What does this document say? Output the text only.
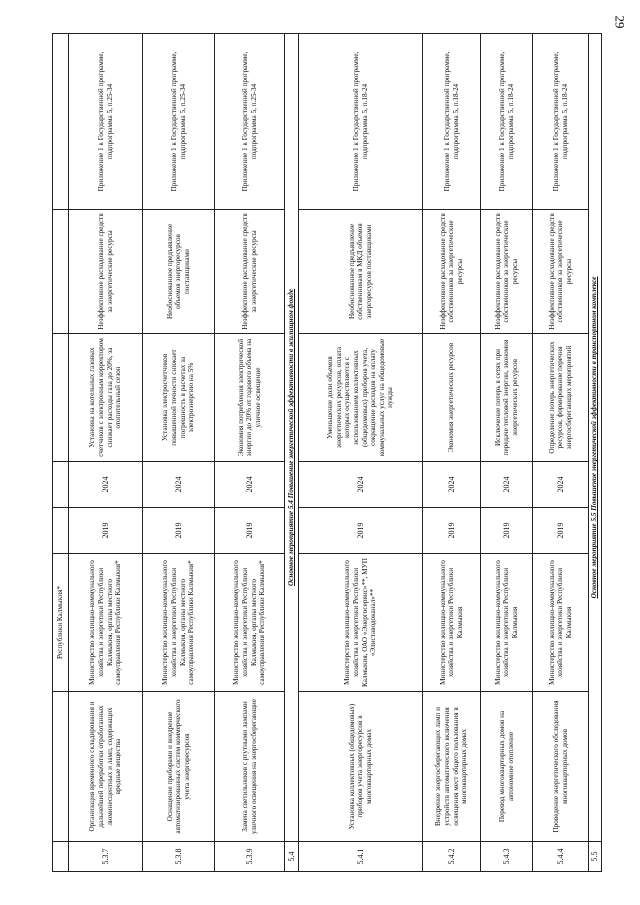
29
		Республики Калмыкия*					
5.3.7	Организация временного складирования и дальнейшей переработки отработанных люминесцентных и ламп, содержащих вредные вещества	Министерство жилищно-коммунального хозяйства и энергетики Республики Калмыкия, органы местного самоуправления Республики Калмыкия*	2019	2024	Установка на котельных газовых счетчиков с электронным корректором снижает расходы газа до 20%, за отопительный сезон	Неэффективное расходование средств за энергетические ресурсы	Приложение 1 к Государственной программе, подпрограмма 5, п.25-34
5.3.8	Оснащение приборами и внедрение автоматизированных систем коммерческого учета энергоресурсов	Министерство жилищно-коммунального хозяйства и энергетики Республики Калмыкия, органы местного самоуправления Республики Калмыкия*	2019	2024	Установка электросчетчиков повышенной точности снижает погрешность в расчетах за электроэнергию на 5%	Необоснованное предъявление объемов энергоресурсов поставщиками	Приложение 1 к Государственной программе, подпрограмма 5, п.25-34
5.3.9	Замена светильников с ртутными лампами уличного освещения на энергосберегающие	Министерство жилищно-коммунального хозяйства и энергетики Республики Калмыкия, органы местного самоуправления Республики Калмыкия*	2019	2024	Экономия потребления электрической энергии до 20% от годового объема на уличное освещение	Неэффективное расходование средств за энергетические ресурсы	Приложение 1 к Государственной программе, подпрограмма 5, п.25-34
5.4	Основное мероприятие 5.4 Повышение энергетической эффективности в жилищном фонде						
5.4.1	Установка коллективных (общедомовых) приборов учета энергоресурсов в многоквартирных домах	Министерство жилищно-коммунального хозяйства и энергетики Республики Калмыкия, ОАО «Энергосервис»**, МУП «Элиставодоканал»**	2019	2024	Уменьшение доли объемов энергетических ресурсов, оплата которых осуществляется с использованием коллективных (общедомовых) приборов учета, сокращение расходов на оплату коммунальных услуг на общедомовые нужды	Необоснованное предъявление собственникам в МКД объемов энергоресурсов поставщиками	Приложение 1 к Государственной программе, подпрограмма 5, п.18-24
5.4.2	Внедрение энергосберегающих ламп и устройств автоматического включения освещения мест общего пользования в многоквартирных домах	Министерство жилищно-коммунального хозяйства и энергетики Республики Калмыкия	2019	2024	Экономия энергетических ресурсов	Неэффективное расходование средств собственников за энергетические ресурсы	Приложение 1 к Государственной программе, подпрограмма 5, п.18-24
5.4.3	Перевод многоквартирных домов на автономное отопление	Министерство жилищно-коммунального хозяйства и энергетики Республики Калмыкия	2019	2024	Исключение потерь в сетях при передаче тепловой энергии, экономия энергетических ресурсов	Неэффективное расходование средств собственников за энергетические ресурсы	Приложение 1 к Государственной программе, подпрограмма 5, п.18-24
5.4.4	Проведение энергетического обследования многоквартирных домов	Министерство жилищно-коммунального хозяйства и энергетики Республики Калмыкия	2019	2024	Определение потерь энергетических ресурсов, формирование перечня энергосберегающих мероприятий	Неэффективное расходование средств собственников за энергетические ресурсы	Приложение 1 к Государственной программе, подпрограмма 5, п.18-24
5.5	Основное мероприятие 5.5 Повышение энергетической эффективности в транспортном комплексе						
